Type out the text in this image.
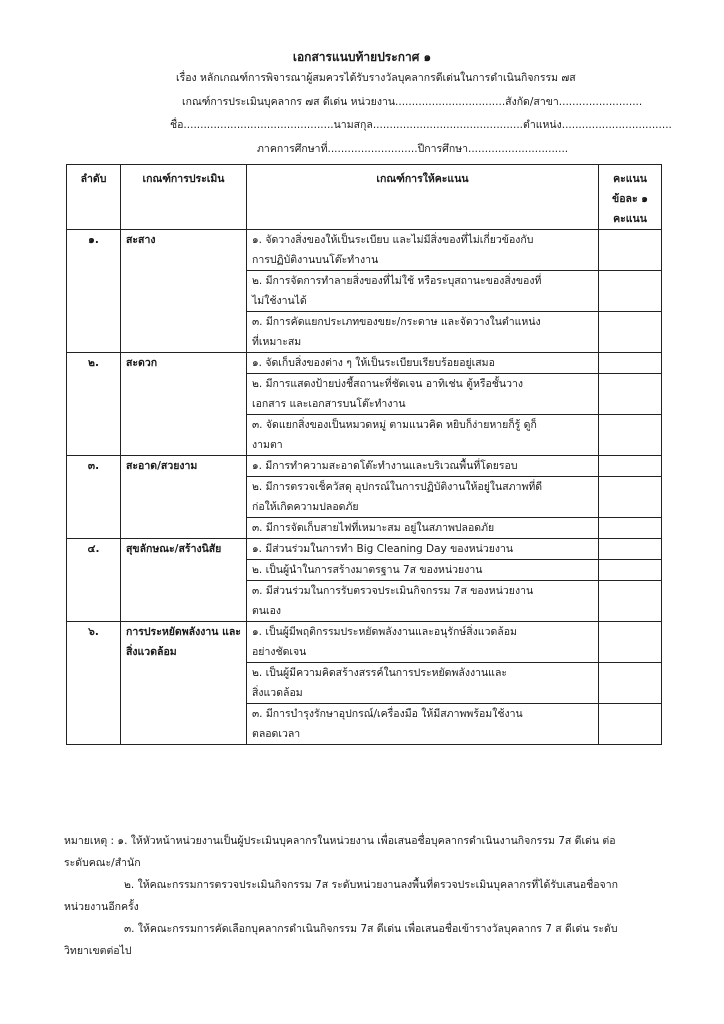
เอกสารแนบท้ายประกาศ ๑
เรื่อง หลักเกณฑ์การพิจารณาผู้สมควรได้รับรางวัลบุคลากรดีเด่นในการดำเนินกิจกรรม ๗ส
เกณฑ์การประเมินบุคลากร ๗ส ดีเด่น หน่วยงาน.................................สังกัด/สาขา.........................
ชื่อ.............................................นามสกุล.............................................ตำแหน่ง.................................
ภาคการศึกษาที่...........................ปีการศึกษา..............................
ลำดับ	เกณฑ์การประเมิน	เกณฑ์การให้คะแนน	คะแนน
ข้อละ ๑
คะแนน

๑.	สะสาง	๑. จัดวางสิ่งของให้เป็นระเบียบ และไม่มีสิ่งของที่ไม่เกี่ยวข้องกับ
การปฏิบัติงานบนโต๊ะทำงาน	

		๒. มีการจัดการทำลายสิ่งของที่ไม่ใช้ หรือระบุสถานะของสิ่งของที่
ไม่ใช้งานได้	

		๓. มีการคัดแยกประเภทของขยะ/กระดาษ และจัดวางในตำแหน่ง
ที่เหมาะสม	

๒.	สะดวก	๑. จัดเก็บสิ่งของต่าง ๆ ให้เป็นระเบียบเรียบร้อยอยู่เสมอ	

		๒. มีการแสดงป้ายบ่งชี้สถานะที่ชัดเจน อาทิเช่น ตู้หรือชั้นวาง
เอกสาร และเอกสารบนโต๊ะทำงาน	

		๓. จัดแยกสิ่งของเป็นหมวดหมู่ ตามแนวคิด หยิบก็ง่ายหายก็รู้ ดูก็
งามตา	

๓.	สะอาด/สวยงาม	๑. มีการทำความสะอาดโต๊ะทำงานและบริเวณพื้นที่โดยรอบ	

		๒. มีการตรวจเช็ควัสดุ อุปกรณ์ในการปฏิบัติงานให้อยู่ในสภาพที่ดี
ก่อให้เกิดความปลอดภัย	

		๓. มีการจัดเก็บสายไฟที่เหมาะสม อยู่ในสภาพปลอดภัย	

๔.	สุขลักษณะ/สร้างนิสัย	๑. มีส่วนร่วมในการทำ Big Cleaning Day ของหน่วยงาน	

		๒. เป็นผู้นำในการสร้างมาตรฐาน 7ส ของหน่วยงาน	

		๓. มีส่วนร่วมในการรับตรวจประเมินกิจกรรม 7ส ของหน่วยงาน
ตนเอง	

๖.	การประหยัดพลังงาน และสิ่งแวดล้อม	๑. เป็นผู้มีพฤติกรรมประหยัดพลังงานและอนุรักษ์สิ่งแวดล้อม
อย่างชัดเจน	

		๒. เป็นผู้มีความคิดสร้างสรรค์ในการประหยัดพลังงานและ
สิ่งแวดล้อม	

		๓. มีการบำรุงรักษาอุปกรณ์/เครื่องมือ ให้มีสภาพพร้อมใช้งาน
ตลอดเวลา	

หมายเหตุ : ๑. ให้หัวหน้าหน่วยงานเป็นผู้ประเมินบุคลากรในหน่วยงาน เพื่อเสนอชื่อบุคลากรดำเนินงานกิจกรรม 7ส ดีเด่น ต่อ
ระดับคณะ/สำนัก
๒. ให้คณะกรรมการตรวจประเมินกิจกรรม 7ส ระดับหน่วยงานลงพื้นที่ตรวจประเมินบุคลากรที่ได้รับเสนอชื่อจาก
หน่วยงานอีกครั้ง
๓. ให้คณะกรรมการคัดเลือกบุคลากรดำเนินกิจกรรม 7ส ดีเด่น เพื่อเสนอชื่อเข้ารางวัลบุคลากร 7 ส ดีเด่น ระดับ
วิทยาเขตต่อไป
